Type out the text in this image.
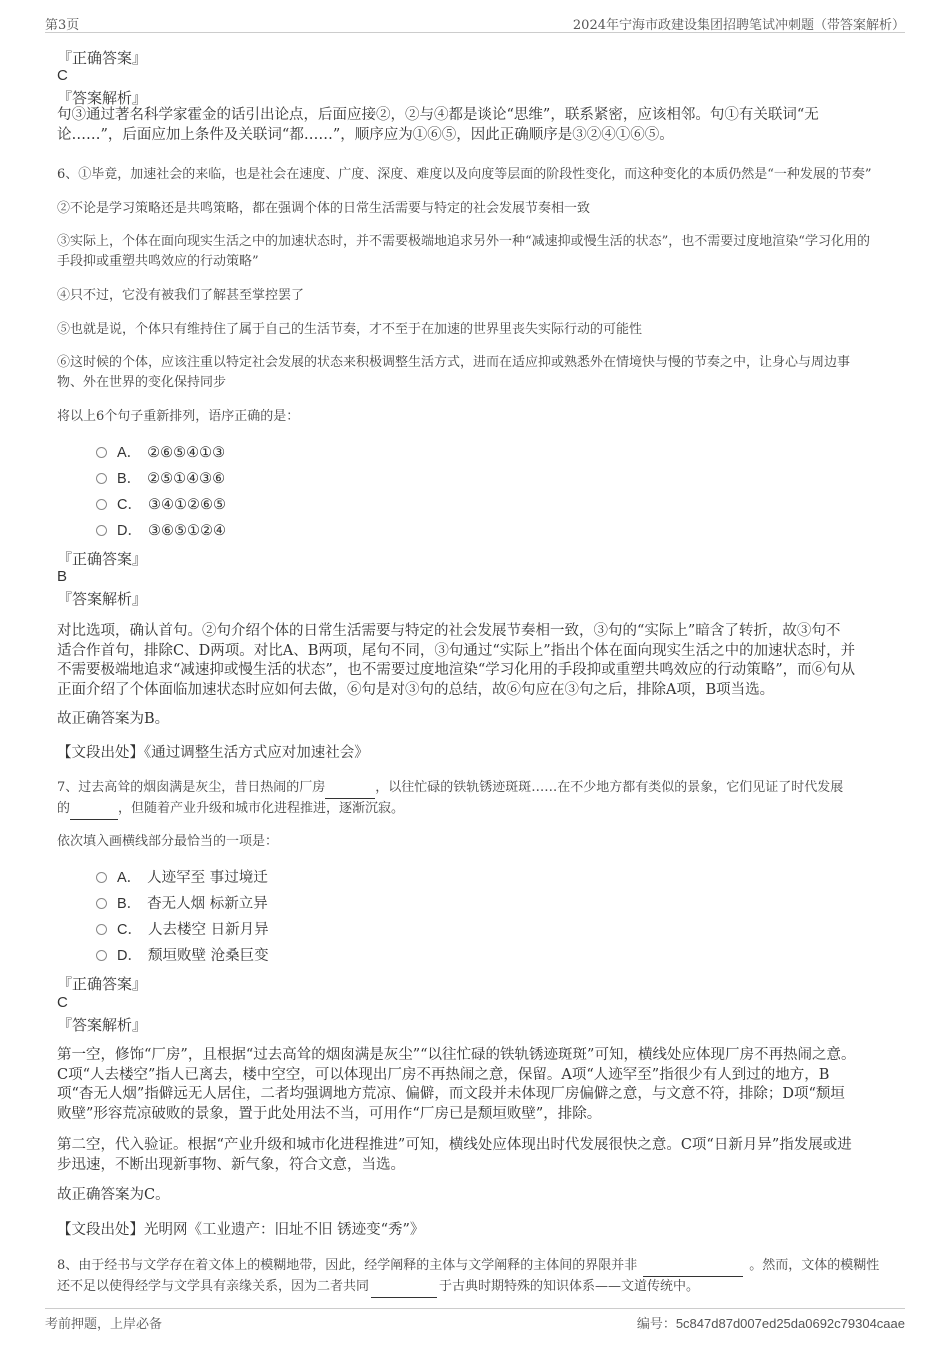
第3页	2024年宁海市政建设集团招聘笔试冲刺题（带答案解析）
『正确答案』
C
『答案解析』
句③通过著名科学家霍金的话引出论点，后面应接②，②与④都是谈论“思维”，联系紧密，应该相邻。句①有关联词“无
论……”，后面应加上条件及关联词“都……”，顺序应为①⑥⑤，因此正确顺序是③②④①⑥⑤。
6、①毕竟，加速社会的来临，也是社会在速度、广度、深度、难度以及向度等层面的阶段性变化，而这种变化的本质仍然是“一种发展的节奏”
②不论是学习策略还是共鸣策略，都在强调个体的日常生活需要与特定的社会发展节奏相一致
③实际上，个体在面向现实生活之中的加速状态时，并不需要极端地追求另外一种“减速抑或慢生活的状态”，也不需要过度地渲染“学习化用的
手段抑或重塑共鸣效应的行动策略”
④只不过，它没有被我们了解甚至掌控罢了
⑤也就是说，个体只有维持住了属于自己的生活节奏，才不至于在加速的世界里丧失实际行动的可能性
⑥这时候的个体，应该注重以特定社会发展的状态来积极调整生活方式，进而在适应抑或熟悉外在情境快与慢的节奏之中，让身心与周边事
物、外在世界的变化保持同步
将以上6个句子重新排列，语序正确的是：
A． ②⑥⑤④①③
B． ②⑤①④③⑥
C． ③④①②⑥⑤
D． ③⑥⑤①②④
『正确答案』
B
『答案解析』
对比选项，确认首句。②句介绍个体的日常生活需要与特定的社会发展节奏相一致，③句的“实际上”暗含了转折，故③句不
适合作首句，排除C、D两项。对比A、B两项，尾句不同，③句通过“实际上”指出个体在面向现实生活之中的加速状态时，并
不需要极端地追求“减速抑或慢生活的状态”，也不需要过度地渲染“学习化用的手段抑或重塑共鸣效应的行动策略”，而⑥句从
正面介绍了个体面临加速状态时应如何去做，⑥句是对③句的总结，故⑥句应在③句之后，排除A项，B项当选。
故正确答案为B。
【文段出处】《通过调整生活方式应对加速社会》
7、过去高耸的烟囱满是灰尘，昔日热闹的厂房	，以往忙碌的铁轨锈迹斑斑……在不少地方都有类似的景象，它们见证了时代发展
的	，但随着产业升级和城市化进程推进，逐渐沉寂。
依次填入画横线部分最恰当的一项是：
A． 人迹罕至 事过境迁
B． 杳无人烟 标新立异
C． 人去楼空 日新月异
D． 颓垣败壁 沧桑巨变
『正确答案』
C
『答案解析』
第一空，修饰“厂房”，且根据“过去高耸的烟囱满是灰尘”“以往忙碌的铁轨锈迹斑斑”可知，横线处应体现厂房不再热闹之意。
C项“人去楼空”指人已离去，楼中空空，可以体现出厂房不再热闹之意，保留。A项“人迹罕至”指很少有人到过的地方，B
项“杳无人烟”指僻远无人居住，二者均强调地方荒凉、偏僻，而文段并未体现厂房偏僻之意，与文意不符，排除；D项“颓垣
败壁”形容荒凉破败的景象，置于此处用法不当，可用作“厂房已是颓垣败壁”，排除。
第二空，代入验证。根据“产业升级和城市化进程推进”可知，横线处应体现出时代发展很快之意。C项“日新月异”指发展或进
步迅速，不断出现新事物、新气象，符合文意，当选。
故正确答案为C。
【文段出处】光明网《工业遗产：旧址不旧 锈迹变“秀”》
8、由于经书与文学存在着文体上的模糊地带，因此，经学阐释的主体与文学阐释的主体间的界限并非	。然而，文体的模糊性
还不足以使得经学与文学具有亲缘关系，因为二者共同	于古典时期特殊的知识体系——文道传统中。
考前押题，上岸必备	编号：5c847d87d007ed25da0692c79304caae
